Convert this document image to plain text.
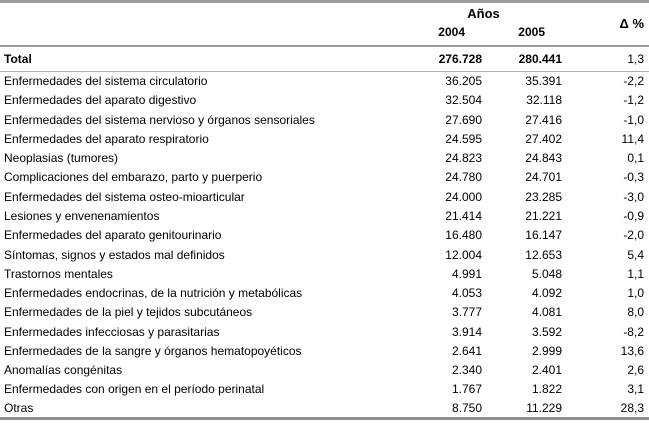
	Años		Δ %
	2004	2005	
Total	276.728	280.441	1,3
Enfermedades del sistema circulatorio	36.205	35.391	-2,2
Enfermedades del aparato digestivo	32.504	32.118	-1,2
Enfermedades del sistema nervioso y órganos sensoriales	27.690	27.416	-1,0
Enfermedades del aparato respiratorio	24.595	27.402	11,4
Neoplasias (tumores)	24.823	24.843	0,1
Complicaciones del embarazo, parto y puerperio	24.780	24.701	-0,3
Enfermedades del sistema osteo-mioarticular	24.000	23.285	-3,0
Lesiones y envenenamientos	21.414	21.221	-0,9
Enfermedades del aparato genitourinario	16.480	16.147	-2,0
Síntomas, signos y estados mal definidos	12.004	12.653	5,4
Trastornos mentales	4.991	5.048	1,1
Enfermedades endocrinas, de la nutrición y metabólicas	4.053	4.092	1,0
Enfermedades de la piel y tejidos subcutáneos	3.777	4.081	8,0
Enfermedades infecciosas y parasitarias	3.914	3.592	-8,2
Enfermedades de la sangre y órganos hematopoyéticos	2.641	2.999	13,6
Anomalías congénitas	2.340	2.401	2,6
Enfermedades con origen en el período perinatal	1.767	1.822	3,1
Otras	8.750	11.229	28,3
